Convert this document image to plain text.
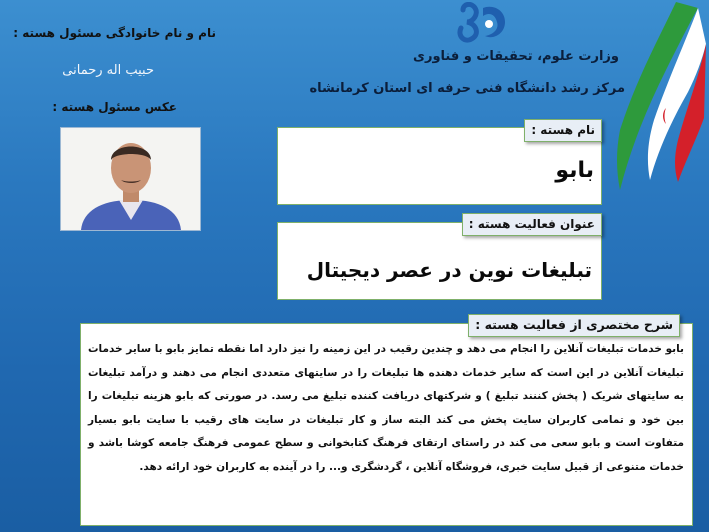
وزارت علوم، تحقیقات و فناوری
مرکز رشد دانشگاه فنی حرفه ای استان کرمانشاه
نام و نام خانوادگی مسئول هسته :
حبیب اله رحمانی
عکس مسئول هسته :
نام هسته :
بابو
عنوان فعالیت هسته :
تبلیغات نوین در عصر دیجیتال
شرح مختصری از فعالیت هسته :
بابو خدمات تبلیغات آنلاین را انجام می دهد و چندین رقیب در این زمینه را نیز دارد اما نقطه تمایز بابو با سایر خدمات تبلیغات آنلاین در این است که سایر خدمات دهنده ها تبلیغات را در سایتهای متعددی انجام می دهند و درآمد تبلیغات به سایتهای شریک ( پخش کننند تبلیغ ) و شرکتهای دریافت کننده تبلیغ می رسد. در صورتی که بابو هزینه تبلیغات را بین خود و تمامی کاربران سایت پخش می کند البته ساز و کار تبلیغات در سایت های رقیب با سایت بابو بسیار متفاوت است و بابو سعی می کند در راستای ارتقای فرهنگ کتابخوانی و سطح عمومی فرهنگ جامعه کوشا باشد و خدمات متنوعی از قبیل سایت خبری، فروشگاه آنلاین ، گردشگری و... را در آینده به کاربران خود ارائه دهد.
